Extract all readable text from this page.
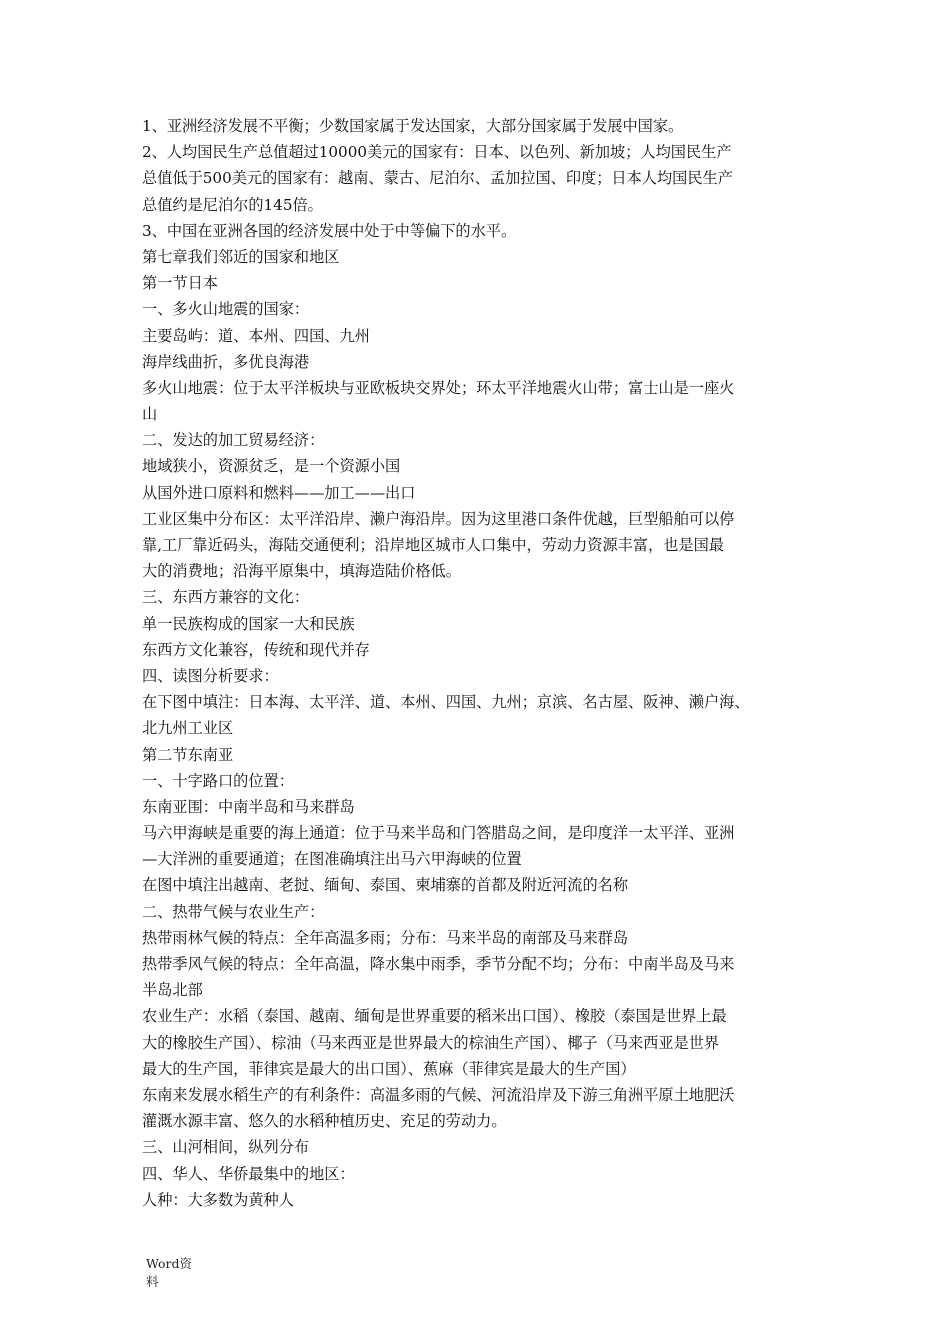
1、亚洲经济发展不平衡；少数国家属于发达国家，大部分国家属于发展中国家。
2、人均国民生产总值超过10000美元的国家有：日本、以色列、新加坡；人均国民生产
总值低于500美元的国家有：越南、蒙古、尼泊尔、孟加拉国、印度；日本人均国民生产
总值约是尼泊尔的145倍。
3、中国在亚洲各国的经济发展中处于中等偏下的水平。
第七章我们邻近的国家和地区
第一节日本
一、多火山地震的国家：
主要岛屿：道、本州、四国、九州
海岸线曲折，多优良海港
多火山地震：位于太平洋板块与亚欧板块交界处；环太平洋地震火山带；富士山是一座火
山
二、发达的加工贸易经济：
地域狭小，资源贫乏，是一个资源小国
从国外进口原料和燃料——加工——出口
工业区集中分布区：太平洋沿岸、濑户海沿岸。因为这里港口条件优越，巨型船舶可以停
靠,工厂靠近码头，海陆交通便利；沿岸地区城市人口集中，劳动力资源丰富，也是国最
大的消费地；沿海平原集中，填海造陆价格低。
三、东西方兼容的文化：
单一民族构成的国家一大和民族
东西方文化兼容，传统和现代并存
四、读图分析要求：
在下图中填注：日本海、太平洋、道、本州、四国、九州；京滨、名古屋、阪神、濑户海、
北九州工业区
第二节东南亚
一、十字路口的位置：
东南亚围：中南半岛和马来群岛
马六甲海峡是重要的海上通道：位于马来半岛和门答腊岛之间，是印度洋一太平洋、亚洲
—大洋洲的重要通道；在图准确填注出马六甲海峡的位置
在图中填注出越南、老挝、缅甸、泰国、柬埔寨的首都及附近河流的名称
二、热带气候与农业生产：
热带雨林气候的特点：全年高温多雨；分布：马来半岛的南部及马来群岛
热带季风气候的特点：全年高温，降水集中雨季，季节分配不均；分布：中南半岛及马来
半岛北部
农业生产：水稻（泰国、越南、缅甸是世界重要的稻米出口国）、橡胶（泰国是世界上最
大的橡胶生产国）、棕油（马来西亚是世界最大的棕油生产国）、椰子（马来西亚是世界
最大的生产国，菲律宾是最大的出口国）、蕉麻（菲律宾是最大的生产国）
东南来发展水稻生产的有利条件：高温多雨的气候、河流沿岸及下游三角洲平原土地肥沃
灌溉水源丰富、悠久的水稻种植历史、充足的劳动力。
三、山河相间，纵列分布
四、华人、华侨最集中的地区：
人种：大多数为黄种人
Word资
料
